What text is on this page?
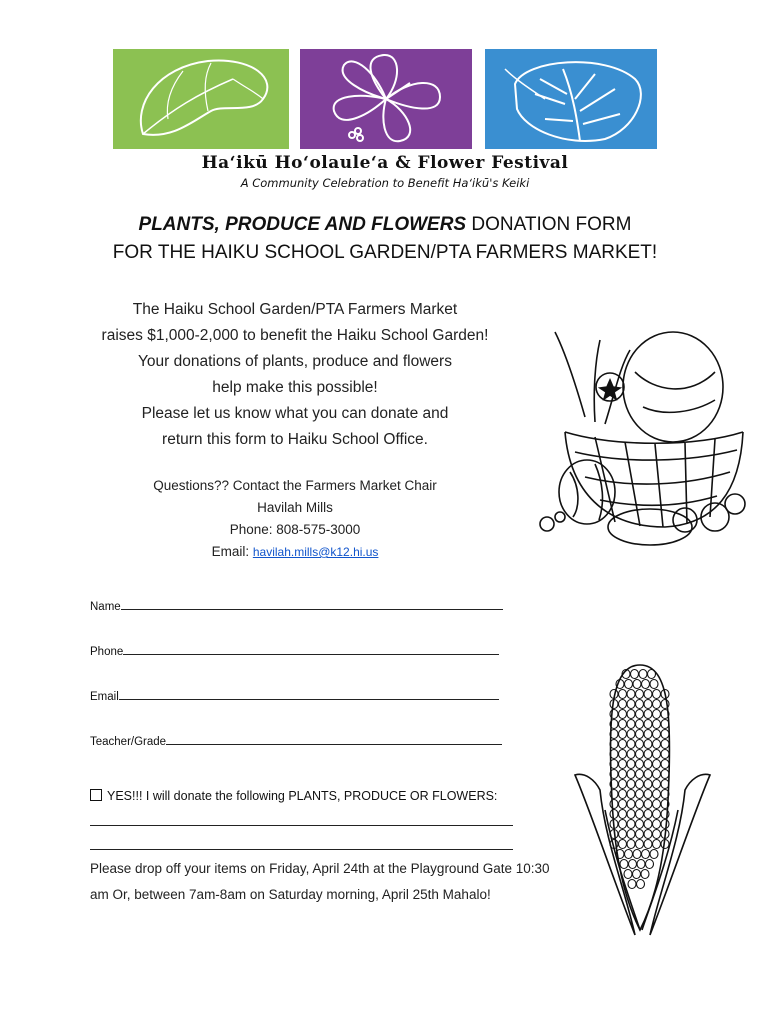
Haʻikū Hoʻolauleʻa & Flower Festival
A Community Celebration to Benefit Haʻikū's Keiki
PLANTS, PRODUCE AND FLOWERS DONATION FORM
FOR THE HAIKU SCHOOL GARDEN/PTA FARMERS MARKET!
The Haiku School Garden/PTA Farmers Market
raises $1,000-2,000 to benefit the Haiku School Garden!
Your donations of plants, produce and flowers
help make this possible!
Please let us know what you can donate and
return this form to Haiku School Office.
Questions?? Contact the Farmers Market Chair
Havilah Mills
Phone: 808-575-3000
Email: havilah.mills@k12.hi.us
Name
Phone
Email
Teacher/Grade
YES!!! I will donate the following PLANTS, PRODUCE OR FLOWERS:
Please drop off your items on Friday, April 24th at the Playground Gate 10:30
am Or, between 7am-8am on Saturday morning, April 25th Mahalo!
